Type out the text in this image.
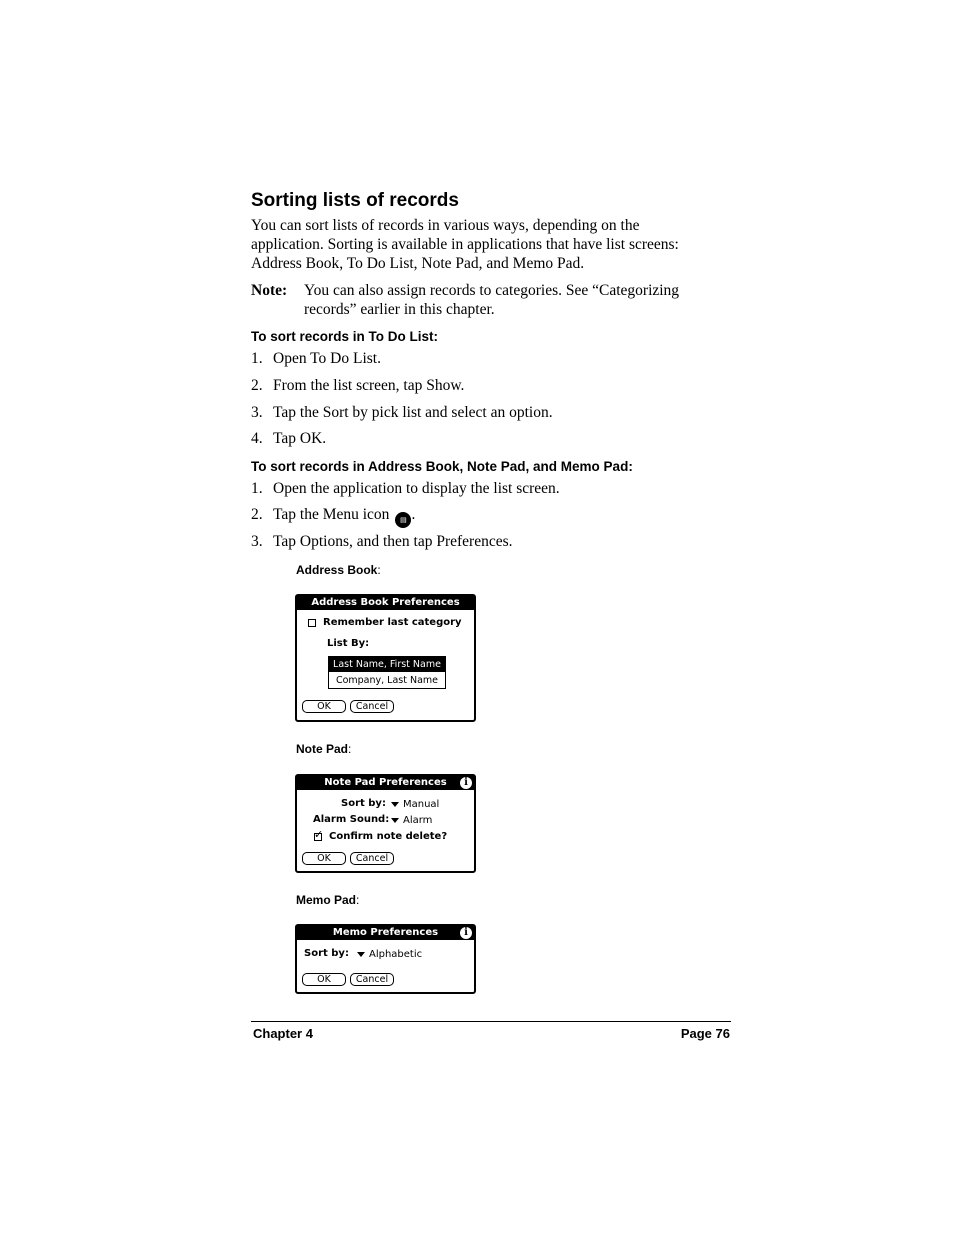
Sorting lists of records
You can sort lists of records in various ways, depending on the
application. Sorting is available in applications that have list screens:
Address Book, To Do List, Note Pad, and Memo Pad.
Note: You can also assign records to categories. See “Categorizing
records” earlier in this chapter.
To sort records in To Do List:
1. Open To Do List.
2. From the list screen, tap Show.
3. Tap the Sort by pick list and select an option.
4. Tap OK.
To sort records in Address Book, Note Pad, and Memo Pad:
1. Open the application to display the list screen.
2. Tap the Menu icon ▤ .
3. Tap Options, and then tap Preferences.
Address Book:
Address Book Preferences
Remember last category
List By:
Last Name, First Name
Company, Last Name
OK	Cancel
Note Pad:
Note Pad Preferences	i
Sort by: Manual
Alarm Sound: Alarm
✓
Confirm note delete?
OK	Cancel
Memo Pad:
Memo Preferences	i
Sort by: Alphabetic
OK	Cancel
Chapter 4	Page 76
